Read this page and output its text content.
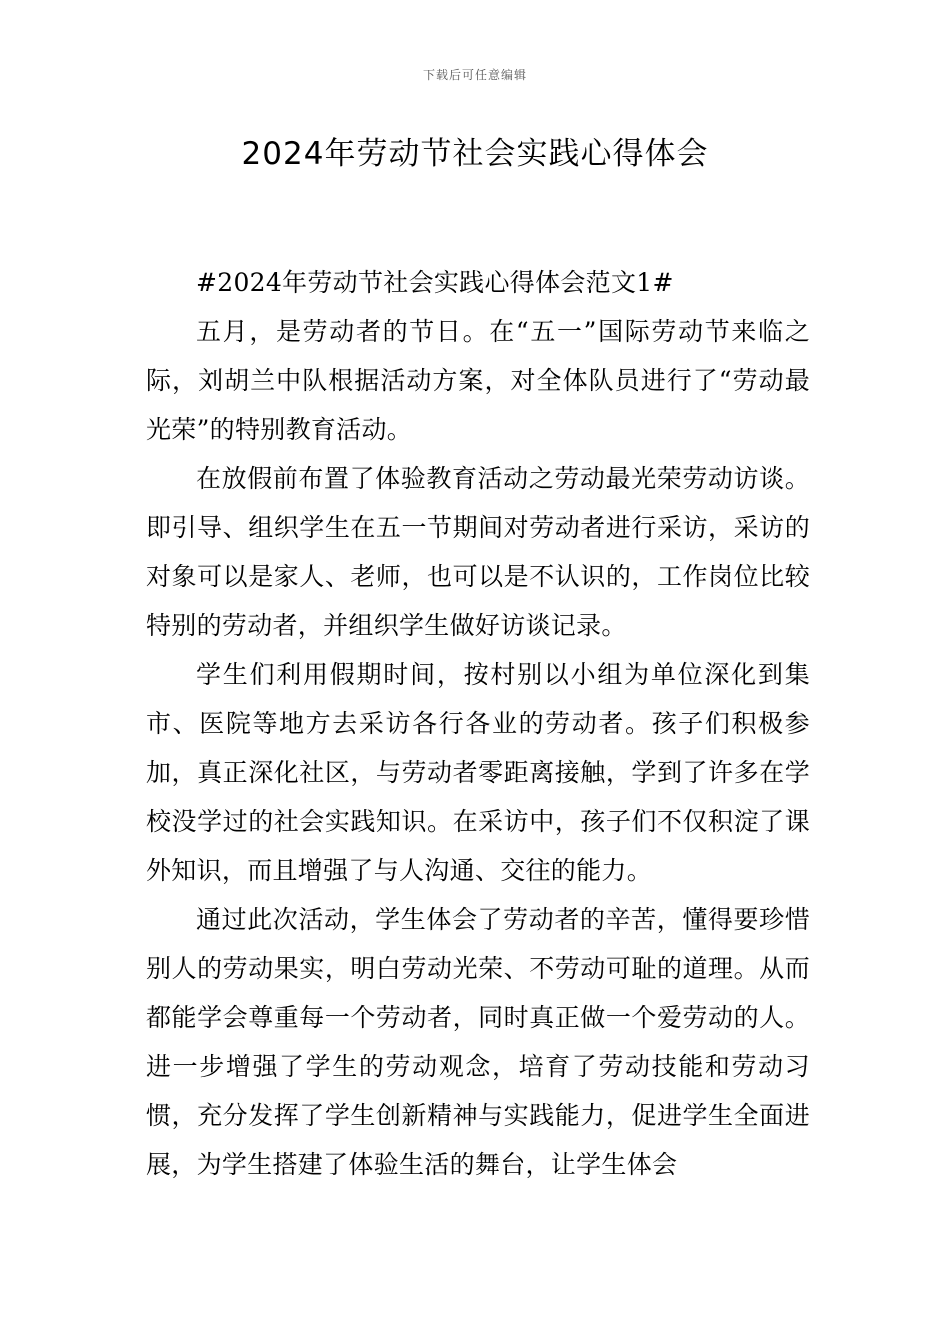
下载后可任意编辑
2024年劳动节社会实践心得体会

#2024年劳动节社会实践心得体会范文1#

五月，是劳动者的节日。在“五一”国际劳动节来临之际，刘胡兰中队根据活动方案，对全体队员进行了“劳动最光荣”的特别教育活动。

在放假前布置了体验教育活动之劳动最光荣劳动访谈。即引导、组织学生在五一节期间对劳动者进行采访，采访的对象可以是家人、老师，也可以是不认识的，工作岗位比较特别的劳动者，并组织学生做好访谈记录。

学生们利用假期时间，按村别以小组为单位深化到集市、医院等地方去采访各行各业的劳动者。孩子们积极参加，真正深化社区，与劳动者零距离接触，学到了许多在学校没学过的社会实践知识。在采访中，孩子们不仅积淀了课外知识，而且增强了与人沟通、交往的能力。

通过此次活动，学生体会了劳动者的辛苦，懂得要珍惜别人的劳动果实，明白劳动光荣、不劳动可耻的道理。从而都能学会尊重每一个劳动者，同时真正做一个爱劳动的人。进一步增强了学生的劳动观念，培育了劳动技能和劳动习惯，充分发挥了学生创新精神与实践能力，促进学生全面进展，为学生搭建了体验生活的舞台，让学生体会
